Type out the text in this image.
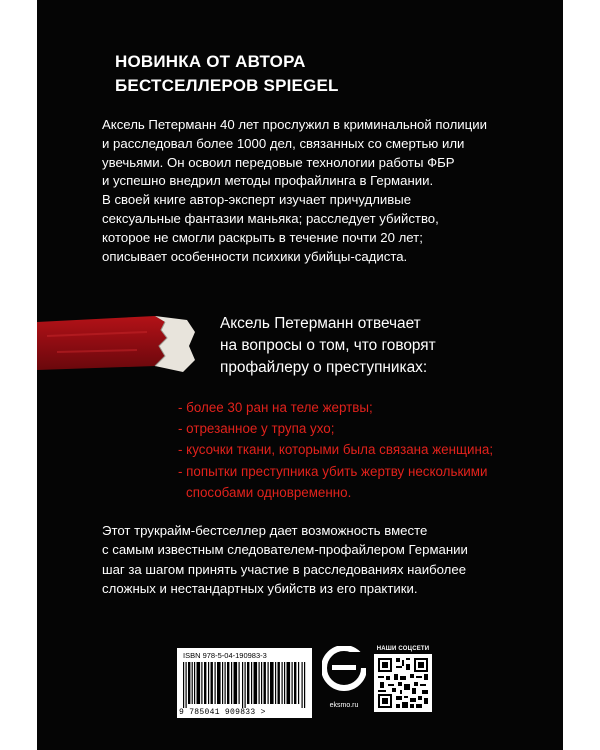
НОВИНКА ОТ АВТОРА
БЕСТСЕЛЛЕРОВ SPIEGEL
Аксель Петерманн 40 лет прослужил в криминальной полиции
и расследовал более 1000 дел, связанных со смертью или
увечьями. Он освоил передовые технологии работы ФБР
и успешно внедрил методы профайлинга в Германии.
В своей книге автор-эксперт изучает причудливые
сексуальные фантазии маньяка; расследует убийство,
которое не смогли раскрыть в течение почти 20 лет;
описывает особенности психики убийцы-садиста.
Аксель Петерманн отвечает
на вопросы о том, что говорят
профайлеру о преступниках:
- более 30 ран на теле жертвы;
- отрезанное у трупа ухо;
- кусочки ткани, которыми была связана женщина;
- попытки преступника убить жертву несколькими
способами одновременно.
Этот трукрайм-бестселлер дает возможность вместе
с самым известным следователем-профайлером Германии
шаг за шагом принять участие в расследованиях наиболее
сложных и нестандартных убийств из его практики.
ISBN 978-5-04-190983-3
9 785041 909833 >
eksmo.ru
НАШИ СОЦСЕТИ
